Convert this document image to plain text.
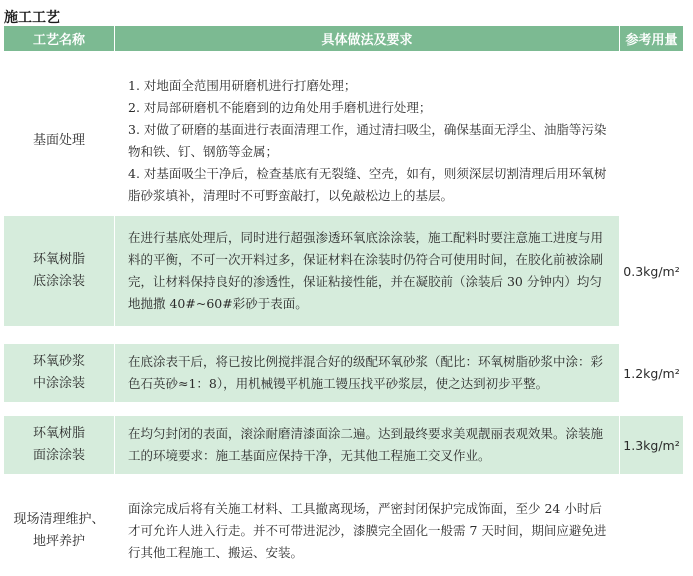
施工工艺
工艺名称	具体做法及要求	参考用量
基面处理
1. 对地面全范围用研磨机进行打磨处理；
2. 对局部研磨机不能磨到的边角处用手磨机进行处理；
3. 对做了研磨的基面进行表面清理工作，通过清扫吸尘，确保基面无浮尘、油脂等污染物和铁、钉、钢筋等金属；
4. 对基面吸尘干净后，检查基底有无裂缝、空壳，如有，则须深层切割清理后用环氧树脂砂浆填补，清理时不可野蛮敲打，以免敲松边上的基层。
环氧树脂
底涂涂装
在进行基底处理后，同时进行超强渗透环氧底涂涂装，施工配料时要注意施工进度与用料的平衡，不可一次开料过多，保证材料在涂装时仍符合可使用时间，在胶化前被涂刷完，让材料保持良好的渗透性，保证粘接性能，并在凝胶前（涂装后 30 分钟内）均匀地抛撒 40#~60#彩砂于表面。
0.3kg/m²
环氧砂浆
中涂涂装
在底涂表干后，将已按比例搅拌混合好的级配环氧砂浆（配比：环氧树脂砂浆中涂：彩色石英砂≈1：8），用机械镘平机施工镘压找平砂浆层，使之达到初步平整。
1.2kg/m²
环氧树脂
面涂涂装
在均匀封闭的表面，滚涂耐磨清漆面涂二遍。达到最终要求美观靓丽表观效果。涂装施工的环境要求：施工基面应保持干净，无其他工程施工交叉作业。
1.3kg/m²
现场清理维护、
地坪养护
面涂完成后将有关施工材料、工具撤离现场，严密封闭保护完成饰面，至少 24 小时后才可允许人进入行走。并不可带进泥沙，漆膜完全固化一般需 7 天时间，期间应避免进行其他工程施工、搬运、安装。
